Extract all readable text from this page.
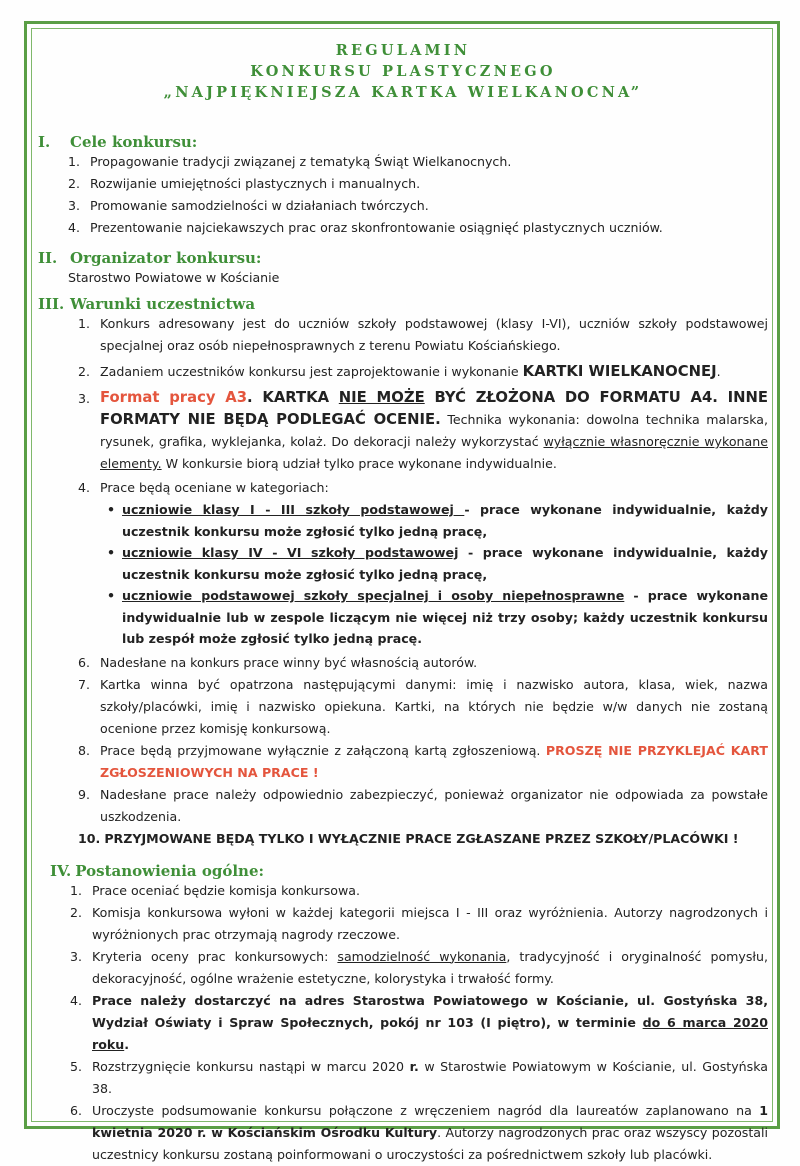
REGULAMIN

KONKURSU PLASTYCZNEGO

„NAJPIĘKNIEJSZA KARTKA WIELKANOCNA”

I.	Cele konkursu:
1. Propagowanie tradycji związanej z tematyką Świąt Wielkanocnych.
2. Rozwijanie umiejętności plastycznych i manualnych.
3. Promowanie samodzielności w działaniach twórczych.
4. Prezentowanie najciekawszych prac oraz skonfrontowanie osiągnięć plastycznych uczniów.
II. Organizator konkursu:
Starostwo Powiatowe w Kościanie
III. Warunki uczestnictwa
1. Konkurs adresowany jest do uczniów szkoły podstawowej (klasy I-VI), uczniów szkoły podstawowej specjalnej oraz osób niepełnosprawnych z terenu Powiatu Kościańskiego.
2. Zadaniem uczestników konkursu jest zaprojektowanie i wykonanie KARTKI WIELKANOCNEJ.
3. Format pracy A3. KARTKA NIE MOŻE BYĆ ZŁOŻONA DO FORMATU A4. INNE FORMATY NIE BĘDĄ PODLEGAĆ OCENIE. Technika wykonania: dowolna technika malarska, rysunek, grafika, wyklejanka, kolaż. Do dekoracji należy wykorzystać wyłącznie własnoręcznie wykonane elementy. W konkursie biorą udział tylko prace wykonane indywidualnie.
4. Prace będą oceniane w kategoriach:
• uczniowie klasy I - III szkoły podstawowej - prace wykonane indywidualnie, każdy uczestnik konkursu może zgłosić tylko jedną pracę,
• uczniowie klasy IV - VI szkoły podstawowej - prace wykonane indywidualnie, każdy uczestnik konkursu może zgłosić tylko jedną pracę,
• uczniowie podstawowej szkoły specjalnej i osoby niepełnosprawne - prace wykonane indywidualnie lub w zespole liczącym nie więcej niż trzy osoby; każdy uczestnik konkursu lub zespół może zgłosić tylko jedną pracę.
6. Nadesłane na konkurs prace winny być własnością autorów.
7. Kartka winna być opatrzona następującymi danymi: imię i nazwisko autora, klasa, wiek, nazwa szkoły/placówki, imię i nazwisko opiekuna. Kartki, na których nie będzie w/w danych nie zostaną ocenione przez komisję konkursową.
8. Prace będą przyjmowane wyłącznie z załączoną kartą zgłoszeniową. PROSZĘ NIE PRZYKLEJAĆ KART ZGŁOSZENIOWYCH NA PRACE !
9. Nadesłane prace należy odpowiednio zabezpieczyć, ponieważ organizator nie odpowiada za powstałe uszkodzenia.
10. PRZYJMOWANE BĘDĄ TYLKO I WYŁĄCZNIE PRACE ZGŁASZANE PRZEZ SZKOŁY/PLACÓWKI !
IV. Postanowienia ogólne:
1. Prace oceniać będzie komisja konkursowa.
2. Komisja konkursowa wyłoni w każdej kategorii miejsca I - III oraz wyróżnienia. Autorzy nagrodzonych i wyróżnionych prac otrzymają nagrody rzeczowe.
3. Kryteria oceny prac konkursowych: samodzielność wykonania, tradycyjność i oryginalność pomysłu, dekoracyjność, ogólne wrażenie estetyczne, kolorystyka i trwałość formy.
4. Prace należy dostarczyć na adres Starostwa Powiatowego w Kościanie, ul. Gostyńska 38, Wydział Oświaty i Spraw Społecznych, pokój nr 103 (I piętro), w terminie do 6 marca 2020 roku.
5. Rozstrzygnięcie konkursu nastąpi w marcu 2020 r. w Starostwie Powiatowym w Kościanie, ul. Gostyńska 38.
6. Uroczyste podsumowanie konkursu połączone z wręczeniem nagród dla laureatów zaplanowano na 1 kwietnia 2020 r. w Kościańskim Ośrodku Kultury. Autorzy nagrodzonych prac oraz wszyscy pozostali uczestnicy konkursu zostaną poinformowani o uroczystości za pośrednictwem szkoły lub placówki.
